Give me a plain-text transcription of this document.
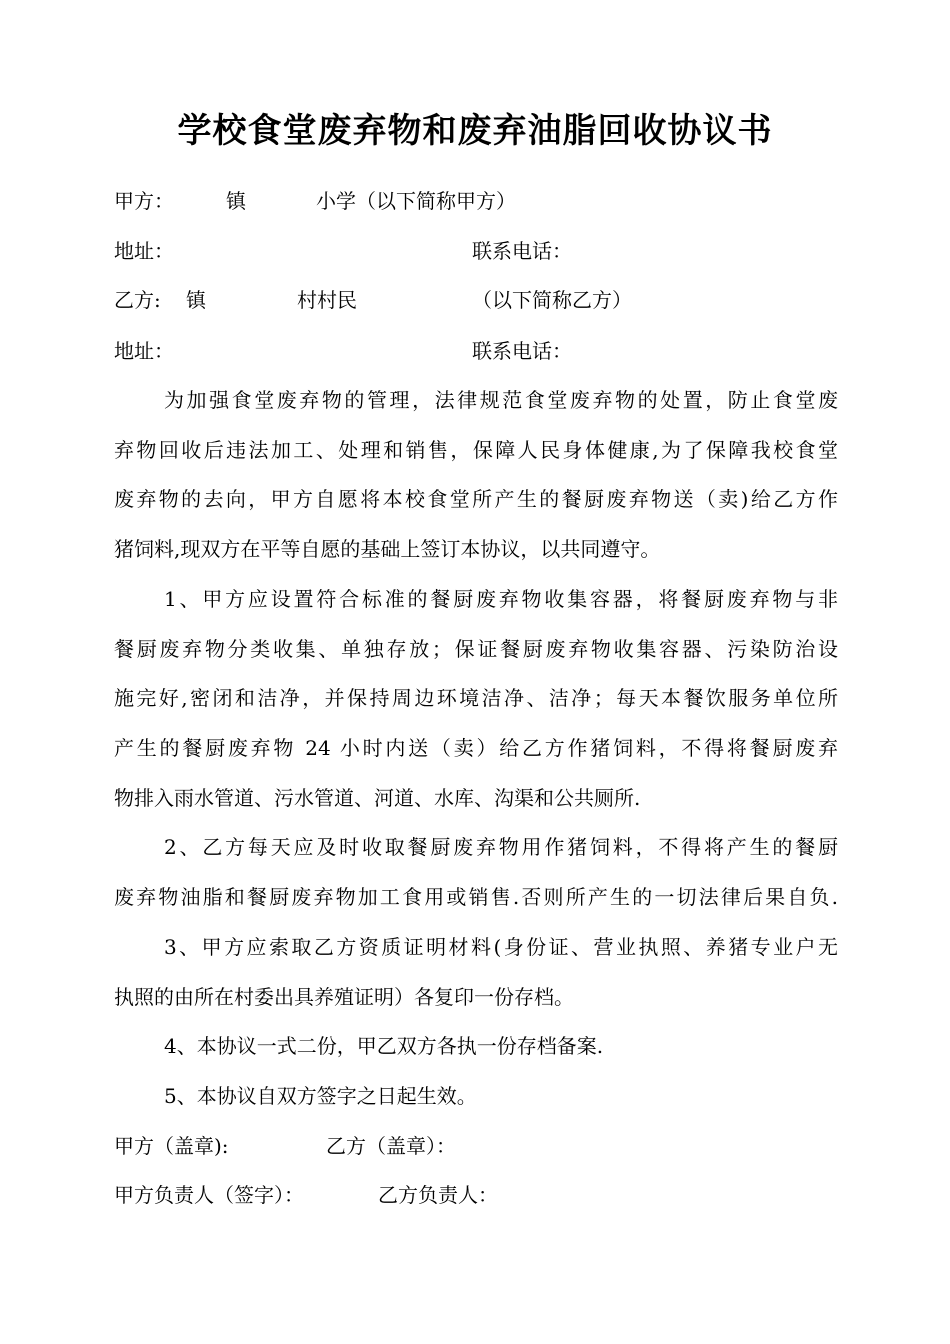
学校食堂废弃物和废弃油脂回收协议书
甲方：	镇	小学（以下简称甲方）
地址：	联系电话：
乙方: 镇	村村民	（以下简称乙方）
地址：	联系电话：
为加强食堂废弃物的管理，法律规范食堂废弃物的处置，防止食堂废
弃物回收后违法加工、处理和销售，保障人民身体健康,为了保障我校食堂
废弃物的去向，甲方自愿将本校食堂所产生的餐厨废弃物送（卖)给乙方作
猪饲料,现双方在平等自愿的基础上签订本协议，以共同遵守。
1、甲方应设置符合标准的餐厨废弃物收集容器，将餐厨废弃物与非
餐厨废弃物分类收集、单独存放；保证餐厨废弃物收集容器、污染防治设
施完好,密闭和洁净，并保持周边环境洁净、洁净；每天本餐饮服务单位所
产生的餐厨废弃物 24 小时内送（卖）给乙方作猪饲料，不得将餐厨废弃
物排入雨水管道、污水管道、河道、水库、沟渠和公共厕所.
2、乙方每天应及时收取餐厨废弃物用作猪饲料，不得将产生的餐厨
废弃物油脂和餐厨废弃物加工食用或销售.否则所产生的一切法律后果自负.
3、甲方应索取乙方资质证明材料(身份证、营业执照、养猪专业户无
执照的由所在村委出具养殖证明）各复印一份存档。
4、本协议一式二份，甲乙双方各执一份存档备案.
5、本协议自双方签字之日起生效。
甲方（盖章):	乙方（盖章）：
甲方负责人（签字）：	乙方负责人：
